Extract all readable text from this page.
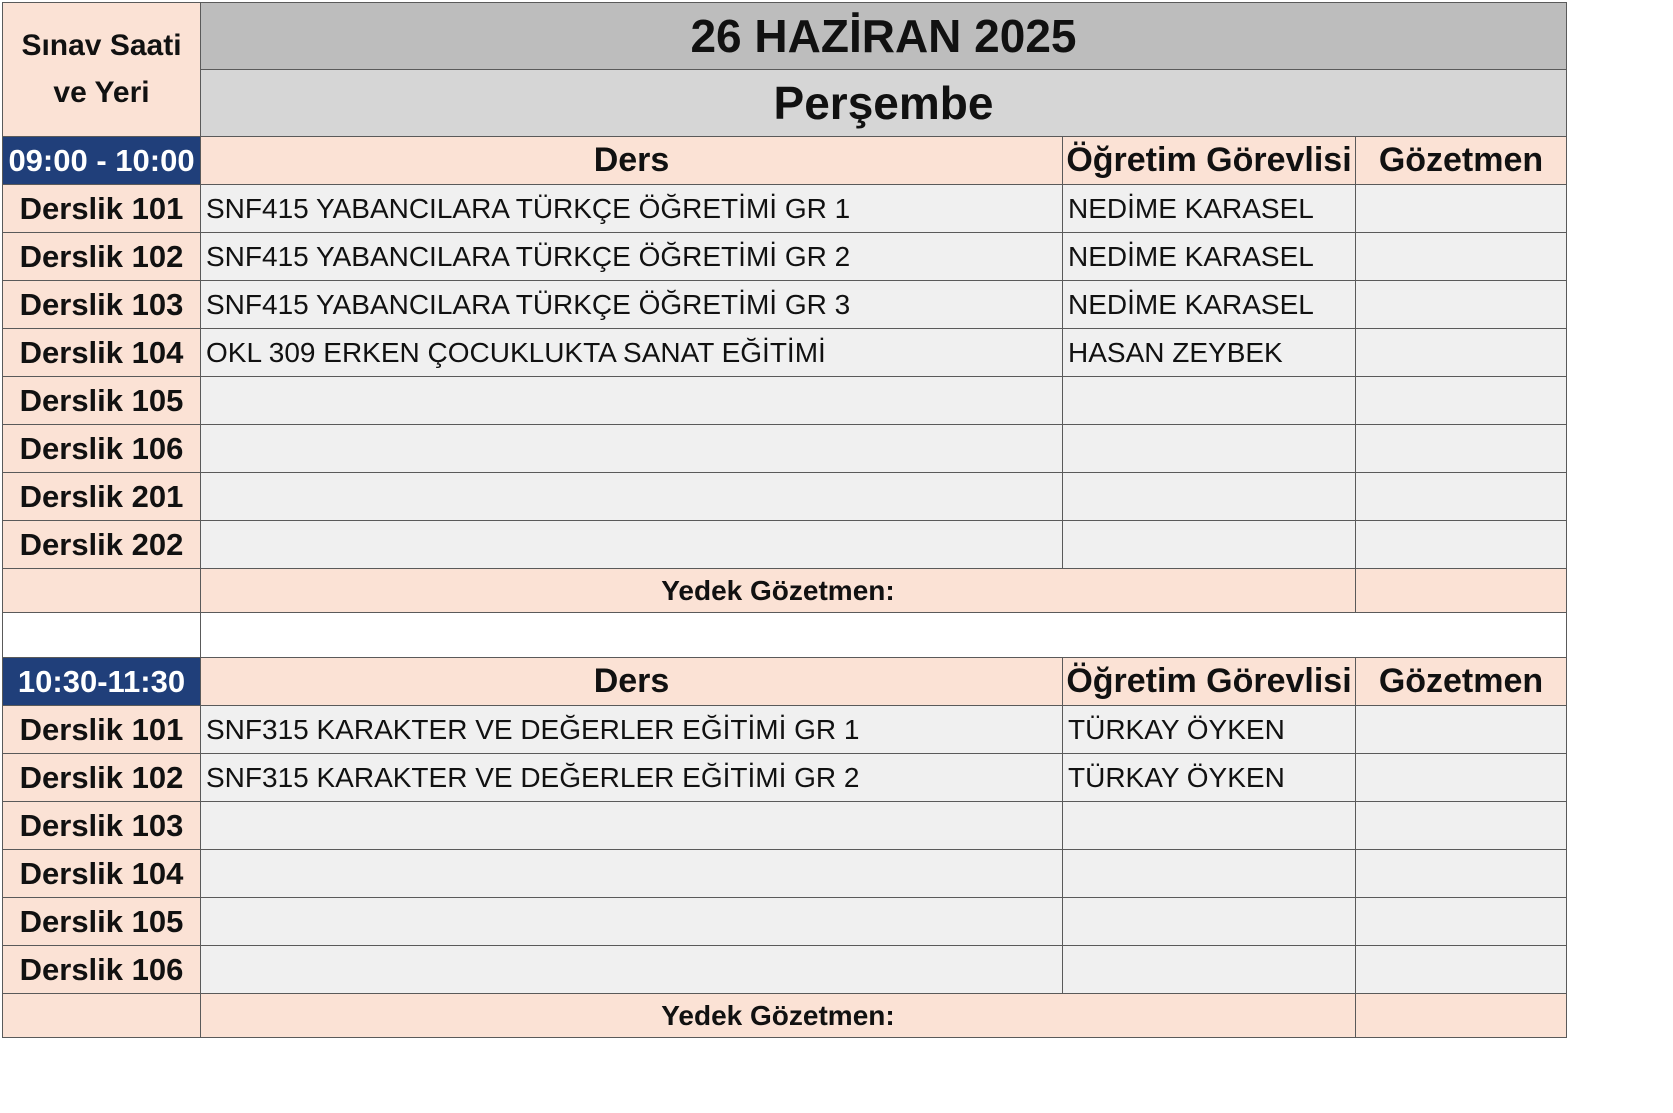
Sınav Saati
ve Yeri	26 HAZİRAN 2025		
	Perşembe		
09:00 - 10:00	Ders	Öğretim Görevlisi	Gözetmen
Derslik 101	SNF415 YABANCILARA TÜRKÇE ÖĞRETİMİ GR 1	NEDİME KARASEL	
Derslik 102	SNF415 YABANCILARA TÜRKÇE ÖĞRETİMİ GR 2	NEDİME KARASEL	
Derslik 103	SNF415 YABANCILARA TÜRKÇE ÖĞRETİMİ GR 3	NEDİME KARASEL	
Derslik 104	OKL 309 ERKEN ÇOCUKLUKTA SANAT EĞİTİMİ	HASAN ZEYBEK	
Derslik 105			
Derslik 106			
Derslik 201			
Derslik 202			
	Yedek Gözetmen:		

10:30-11:30	Ders	Öğretim Görevlisi	Gözetmen
Derslik 101	SNF315 KARAKTER VE DEĞERLER EĞİTİMİ GR 1	TÜRKAY ÖYKEN	
Derslik 102	SNF315 KARAKTER VE DEĞERLER EĞİTİMİ GR 2	TÜRKAY ÖYKEN	
Derslik 103			
Derslik 104			
Derslik 105			
Derslik 106			
	Yedek Gözetmen:		
